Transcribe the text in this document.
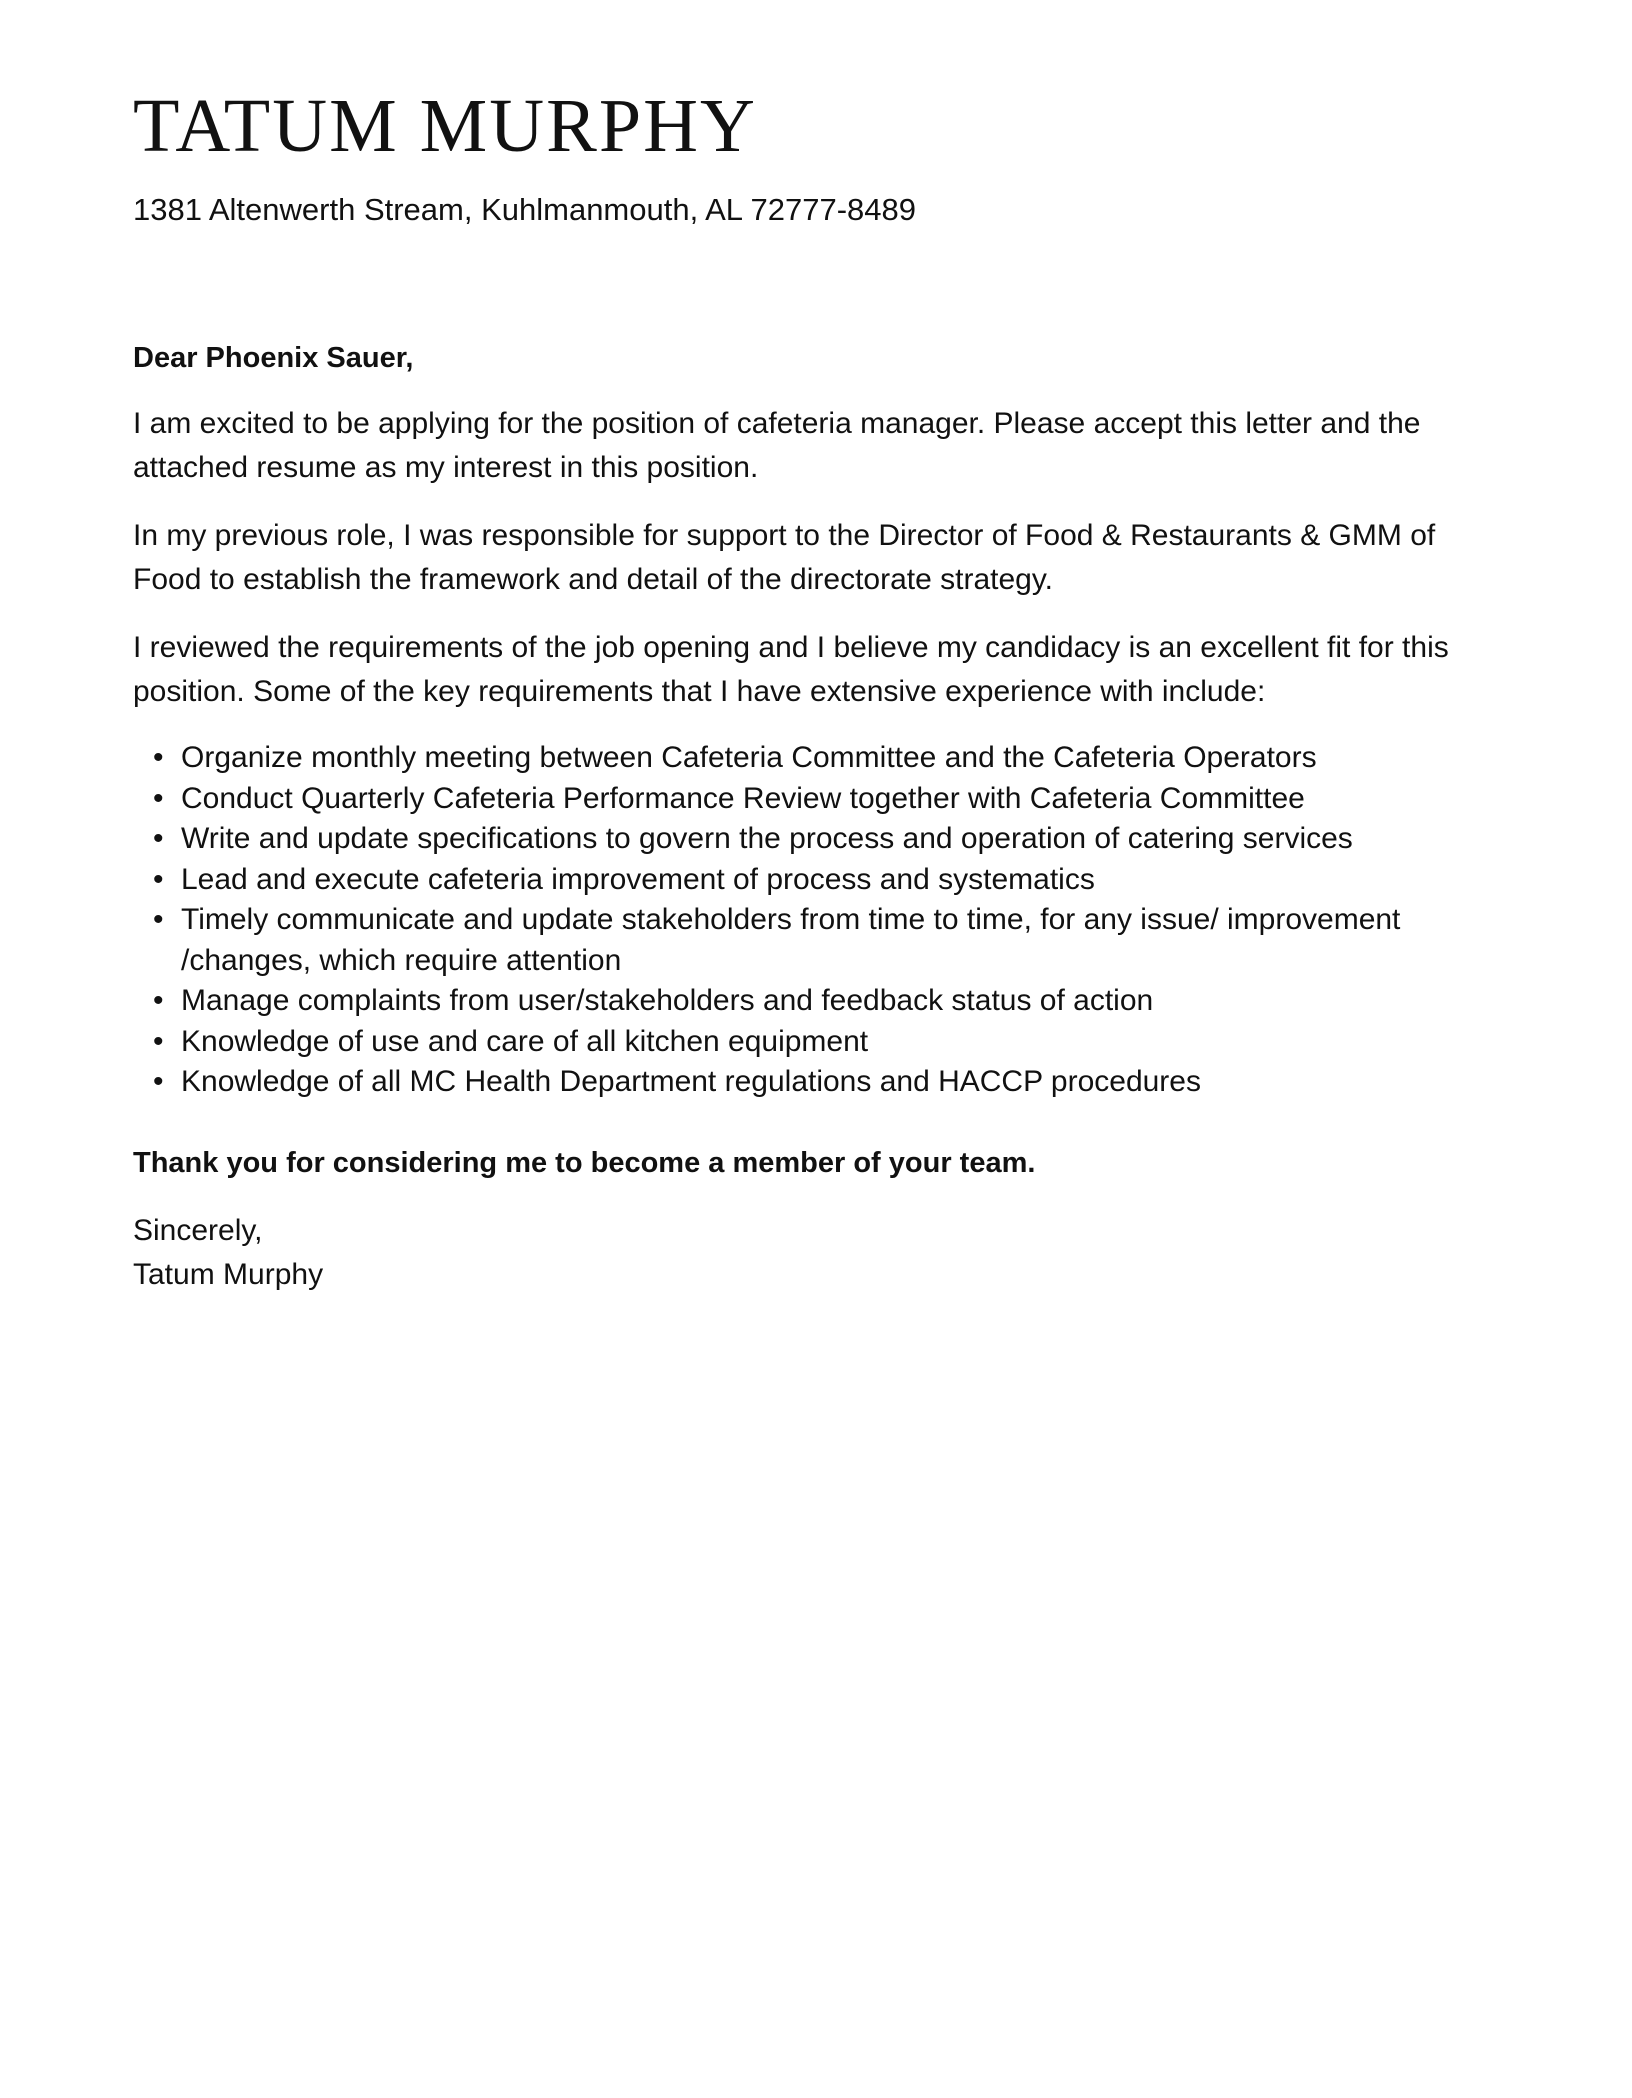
TATUM MURPHY

1381 Altenwerth Stream, Kuhlmanmouth, AL 72777-8489

Dear Phoenix Sauer,

I am excited to be applying for the position of cafeteria manager. Please accept this letter and the attached resume as my interest in this position.

In my previous role, I was responsible for support to the Director of Food & Restaurants & GMM of Food to establish the framework and detail of the directorate strategy.

I reviewed the requirements of the job opening and I believe my candidacy is an excellent fit for this position. Some of the key requirements that I have extensive experience with include:

• Organize monthly meeting between Cafeteria Committee and the Cafeteria Operators
• Conduct Quarterly Cafeteria Performance Review together with Cafeteria Committee
• Write and update specifications to govern the process and operation of catering services
• Lead and execute cafeteria improvement of process and systematics
• Timely communicate and update stakeholders from time to time, for any issue/ improvement /changes, which require attention
• Manage complaints from user/stakeholders and feedback status of action
• Knowledge of use and care of all kitchen equipment
• Knowledge of all MC Health Department regulations and HACCP procedures

Thank you for considering me to become a member of your team.

Sincerely,
Tatum Murphy
